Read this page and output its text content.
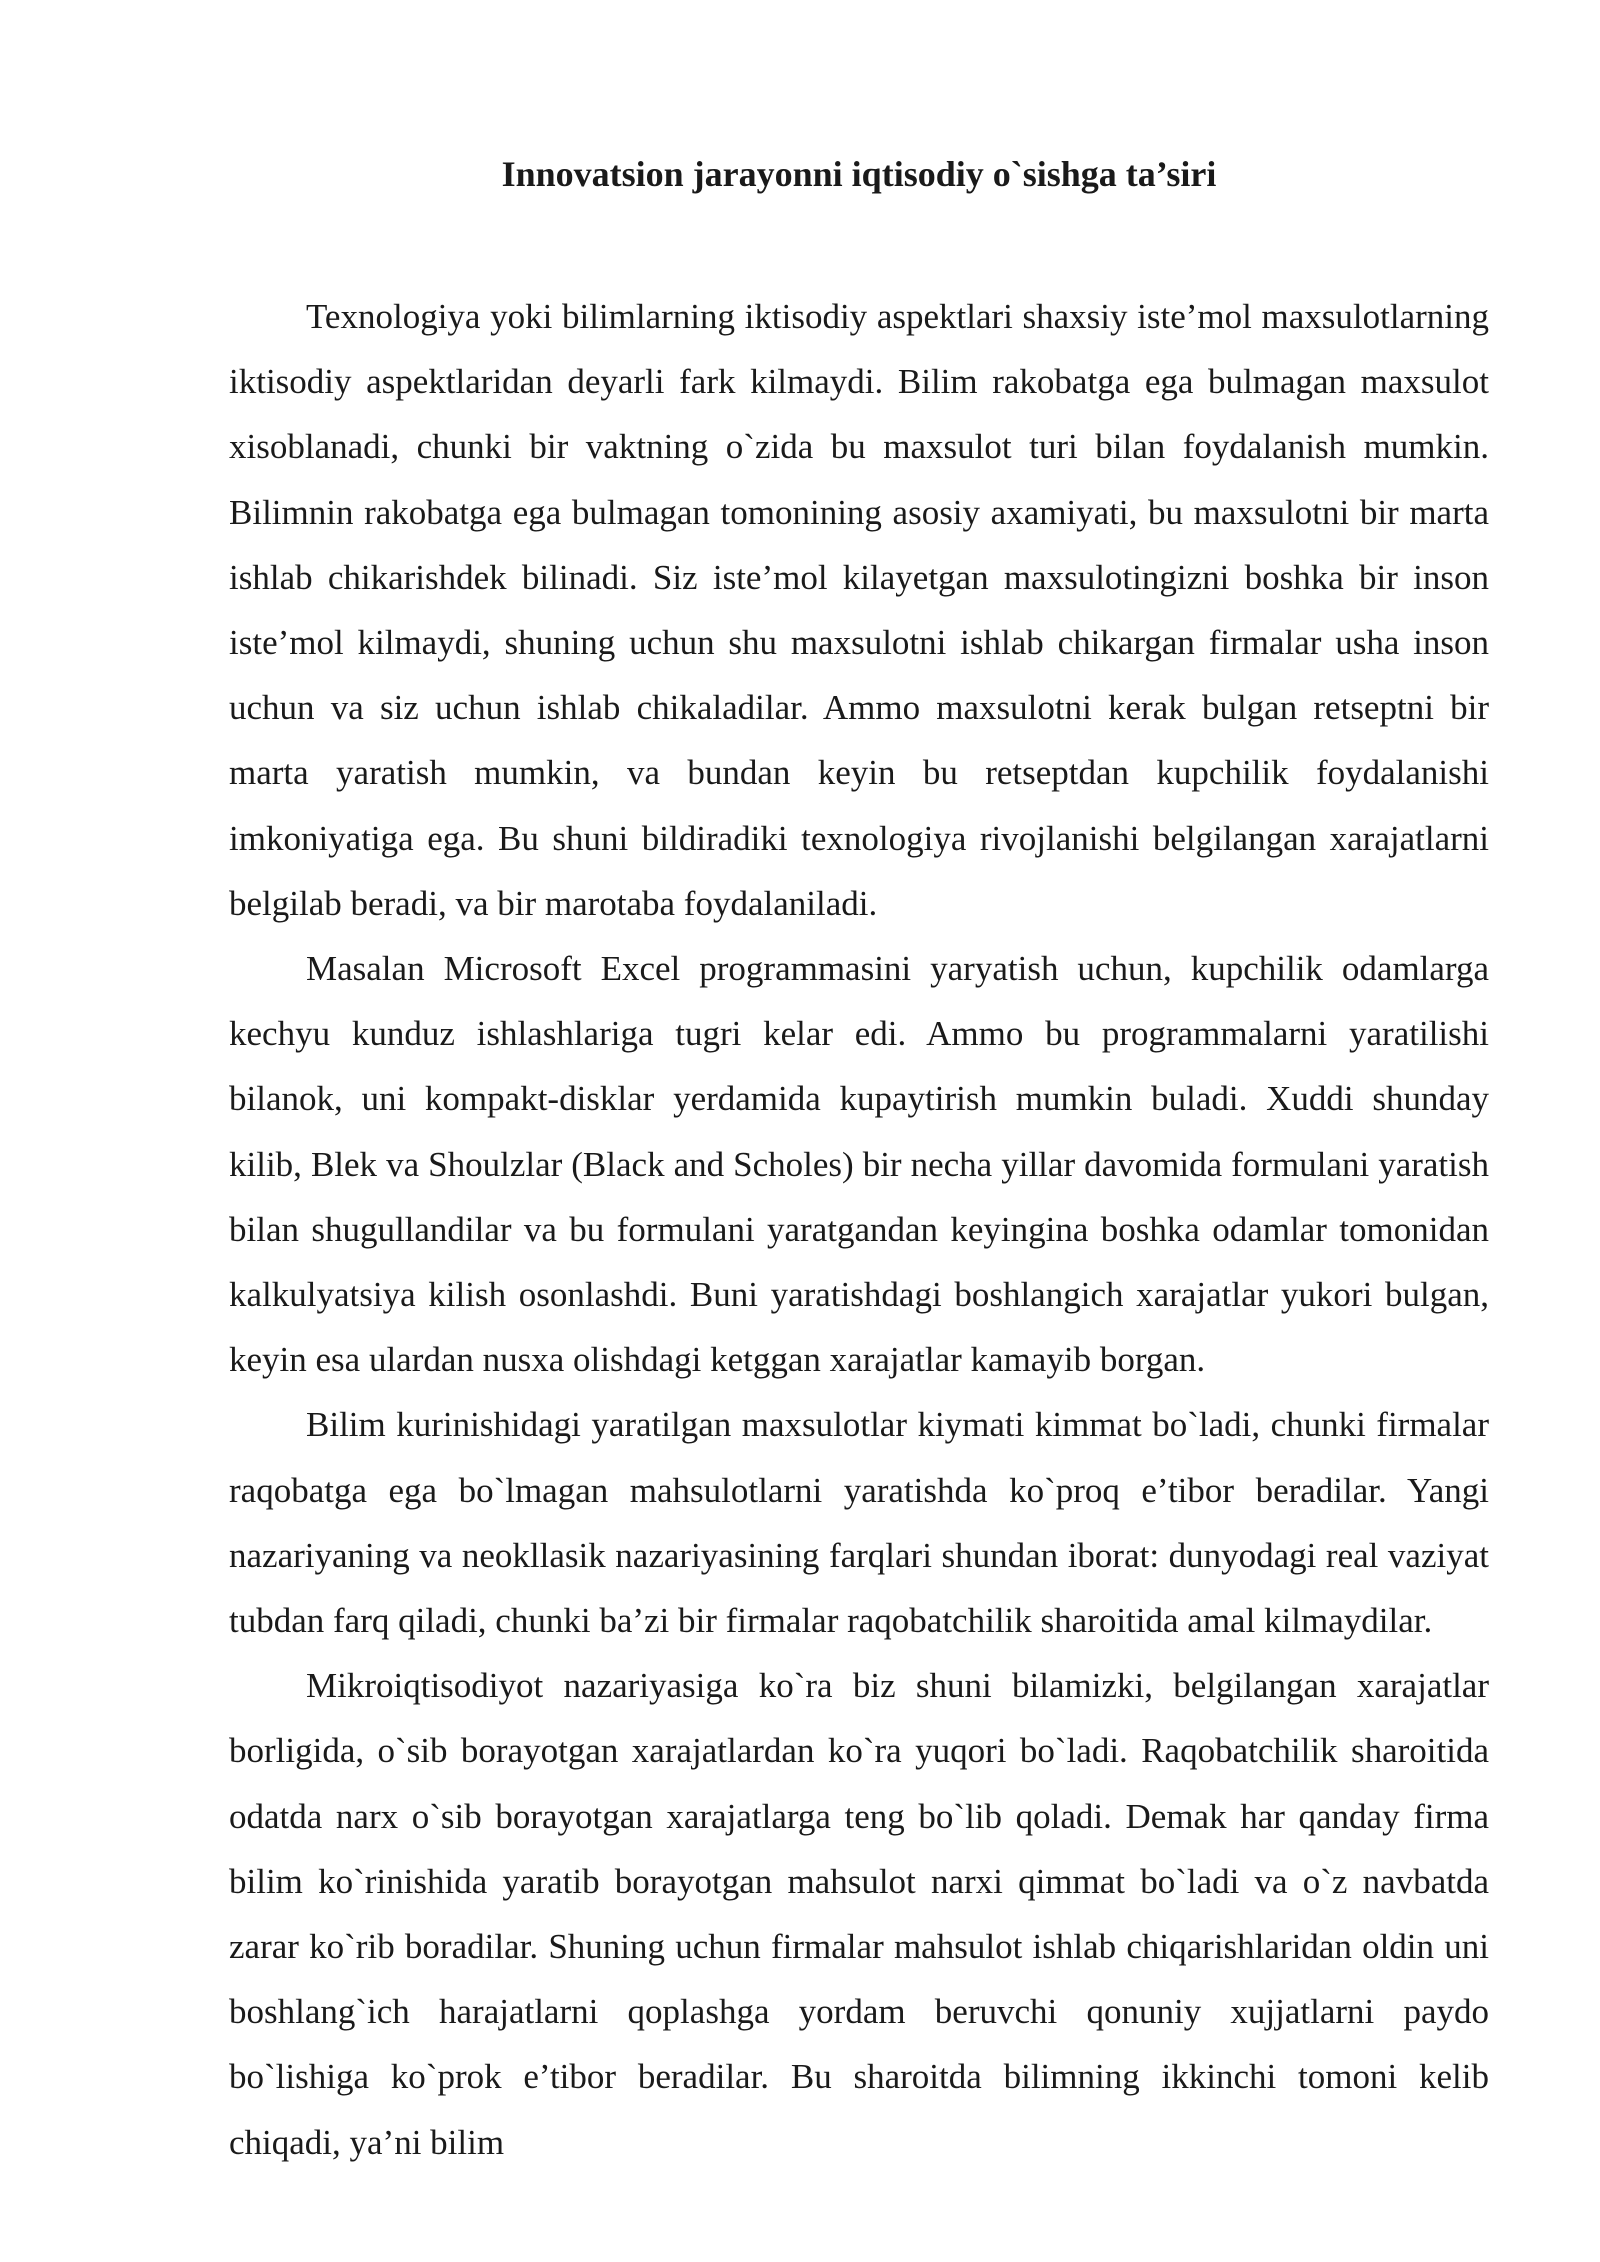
Innovatsion jarayonni iqtisodiy o`sishga ta’siri

Texnologiya yoki bilimlarning iktisodiy aspektlari shaxsiy iste’mol maxsulotlarning iktisodiy aspektlaridan deyarli fark kilmaydi. Bilim rakobatga ega bulmagan maxsulot xisoblanadi, chunki bir vaktning o`zida bu maxsulot turi bilan foydalanish mumkin. Bilimnin rakobatga ega bulmagan tomonining asosiy axamiyati, bu maxsulotni bir marta ishlab chikarishdek bilinadi. Siz iste’mol kilayetgan maxsulotingizni boshka bir inson iste’mol kilmaydi, shuning uchun shu maxsulotni ishlab chikargan firmalar usha inson uchun va siz uchun ishlab chikaladilar. Ammo maxsulotni kerak bulgan retseptni bir marta yaratish mumkin, va bundan keyin bu retseptdan kupchilik foydalanishi imkoniyatiga ega. Bu shuni bildiradiki texnologiya rivojlanishi belgilangan xarajatlarni belgilab beradi, va bir marotaba foydalaniladi.

Masalan Microsoft Excel programmasini yaryatish uchun, kupchilik odamlarga kechyu kunduz ishlashlariga tugri kelar edi. Ammo bu programmalarni yaratilishi bilanok, uni kompakt-disklar yerdamida kupaytirish mumkin buladi. Xuddi shunday kilib, Blek va Shoulzlar (Black and Scholes) bir necha yillar davomida formulani yaratish bilan shugullandilar va bu formulani yaratgandan keyingina boshka odamlar tomonidan kalkulyatsiya kilish osonlashdi. Buni yaratishdagi boshlangich xarajatlar yukori bulgan, keyin esa ulardan nusxa olishdagi ketggan xarajatlar kamayib borgan.

Bilim kurinishidagi yaratilgan maxsulotlar kiymati kimmat bo`ladi, chunki firmalar raqobatga ega bo`lmagan mahsulotlarni yaratishda ko`proq e’tibor beradilar. Yangi nazariyaning va neokllasik nazariyasining farqlari shundan iborat: dunyodagi real vaziyat tubdan farq qiladi, chunki ba’zi bir firmalar raqobatchilik sharoitida amal kilmaydilar.

Mikroiqtisodiyot nazariyasiga ko`ra biz shuni bilamizki, belgilangan xarajatlar borligida, o`sib borayotgan xarajatlardan ko`ra yuqori bo`ladi. Raqobatchilik sharoitida odatda narx o`sib borayotgan xarajatlarga teng bo`lib qoladi. Demak har qanday firma bilim ko`rinishida yaratib borayotgan mahsulot narxi qimmat bo`ladi va o`z navbatda zarar ko`rib boradilar. Shuning uchun firmalar mahsulot ishlab chiqarishlaridan oldin uni boshlang`ich harajatlarni qoplashga yordam beruvchi qonuniy xujjatlarni paydo bo`lishiga ko`prok e’tibor beradilar. Bu sharoitda bilimning ikkinchi tomoni kelib chiqadi, ya’ni bilim
